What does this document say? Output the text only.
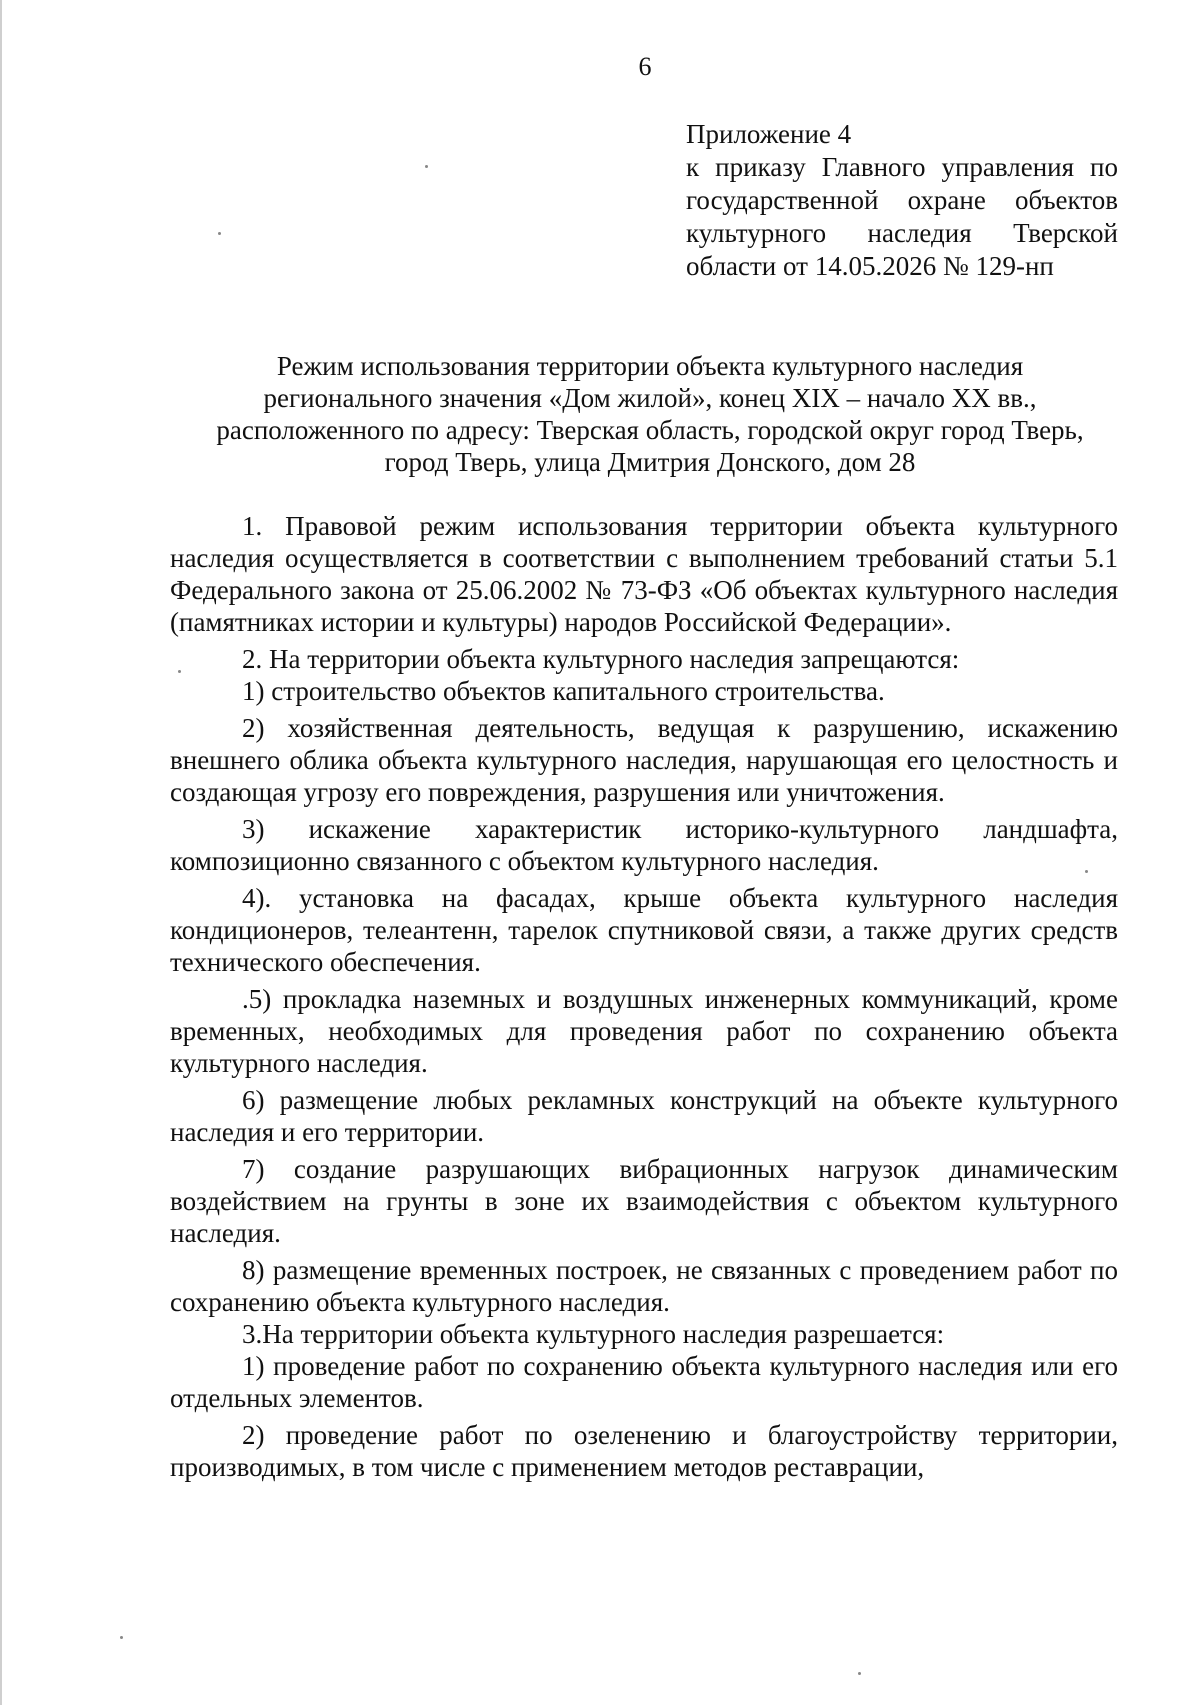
6
Приложение 4
к приказу Главного управления по
государственной охране объектов
культурного наследия Тверской
области от 14.05.2026 № 129-нп
Режим использования территории объекта культурного наследия
регионального значения «Дом жилой», конец XIX – начало XX вв.,
расположенного по адресу: Тверская область, городской округ город Тверь,
город Тверь, улица Дмитрия Донского, дом 28

1. Правовой режим использования территории объекта культурного наследия осуществляется в соответствии с выполнением требований статьи 5.1 Федерального закона от 25.06.2002 № 73-ФЗ «Об объектах культурного наследия (памятниках истории и культуры) народов Российской Федерации».

2. На территории объекта культурного наследия запрещаются:

1) строительство объектов капитального строительства.

2) хозяйственная деятельность, ведущая к разрушению, искажению внешнего облика объекта культурного наследия, нарушающая его целостность и создающая угрозу его повреждения, разрушения или уничтожения.

3) искажение характеристик историко-культурного ландшафта, композиционно связанного с объектом культурного наследия.

4). установка на фасадах, крыше объекта культурного наследия кондиционеров, телеантенн, тарелок спутниковой связи, а также других средств технического обеспечения.

.5) прокладка наземных и воздушных инженерных коммуникаций, кроме временных, необходимых для проведения работ по сохранению объекта культурного наследия.

6) размещение любых рекламных конструкций на объекте культурного наследия и его территории.

7) создание разрушающих вибрационных нагрузок динамическим воздействием на грунты в зоне их взаимодействия с объектом культурного наследия.

8) размещение временных построек, не связанных с проведением работ по сохранению объекта культурного наследия.

3.На территории объекта культурного наследия разрешается:

1) проведение работ по сохранению объекта культурного наследия или его отдельных элементов.

2) проведение работ по озеленению и благоустройству территории, производимых, в том числе с применением методов реставрации,
